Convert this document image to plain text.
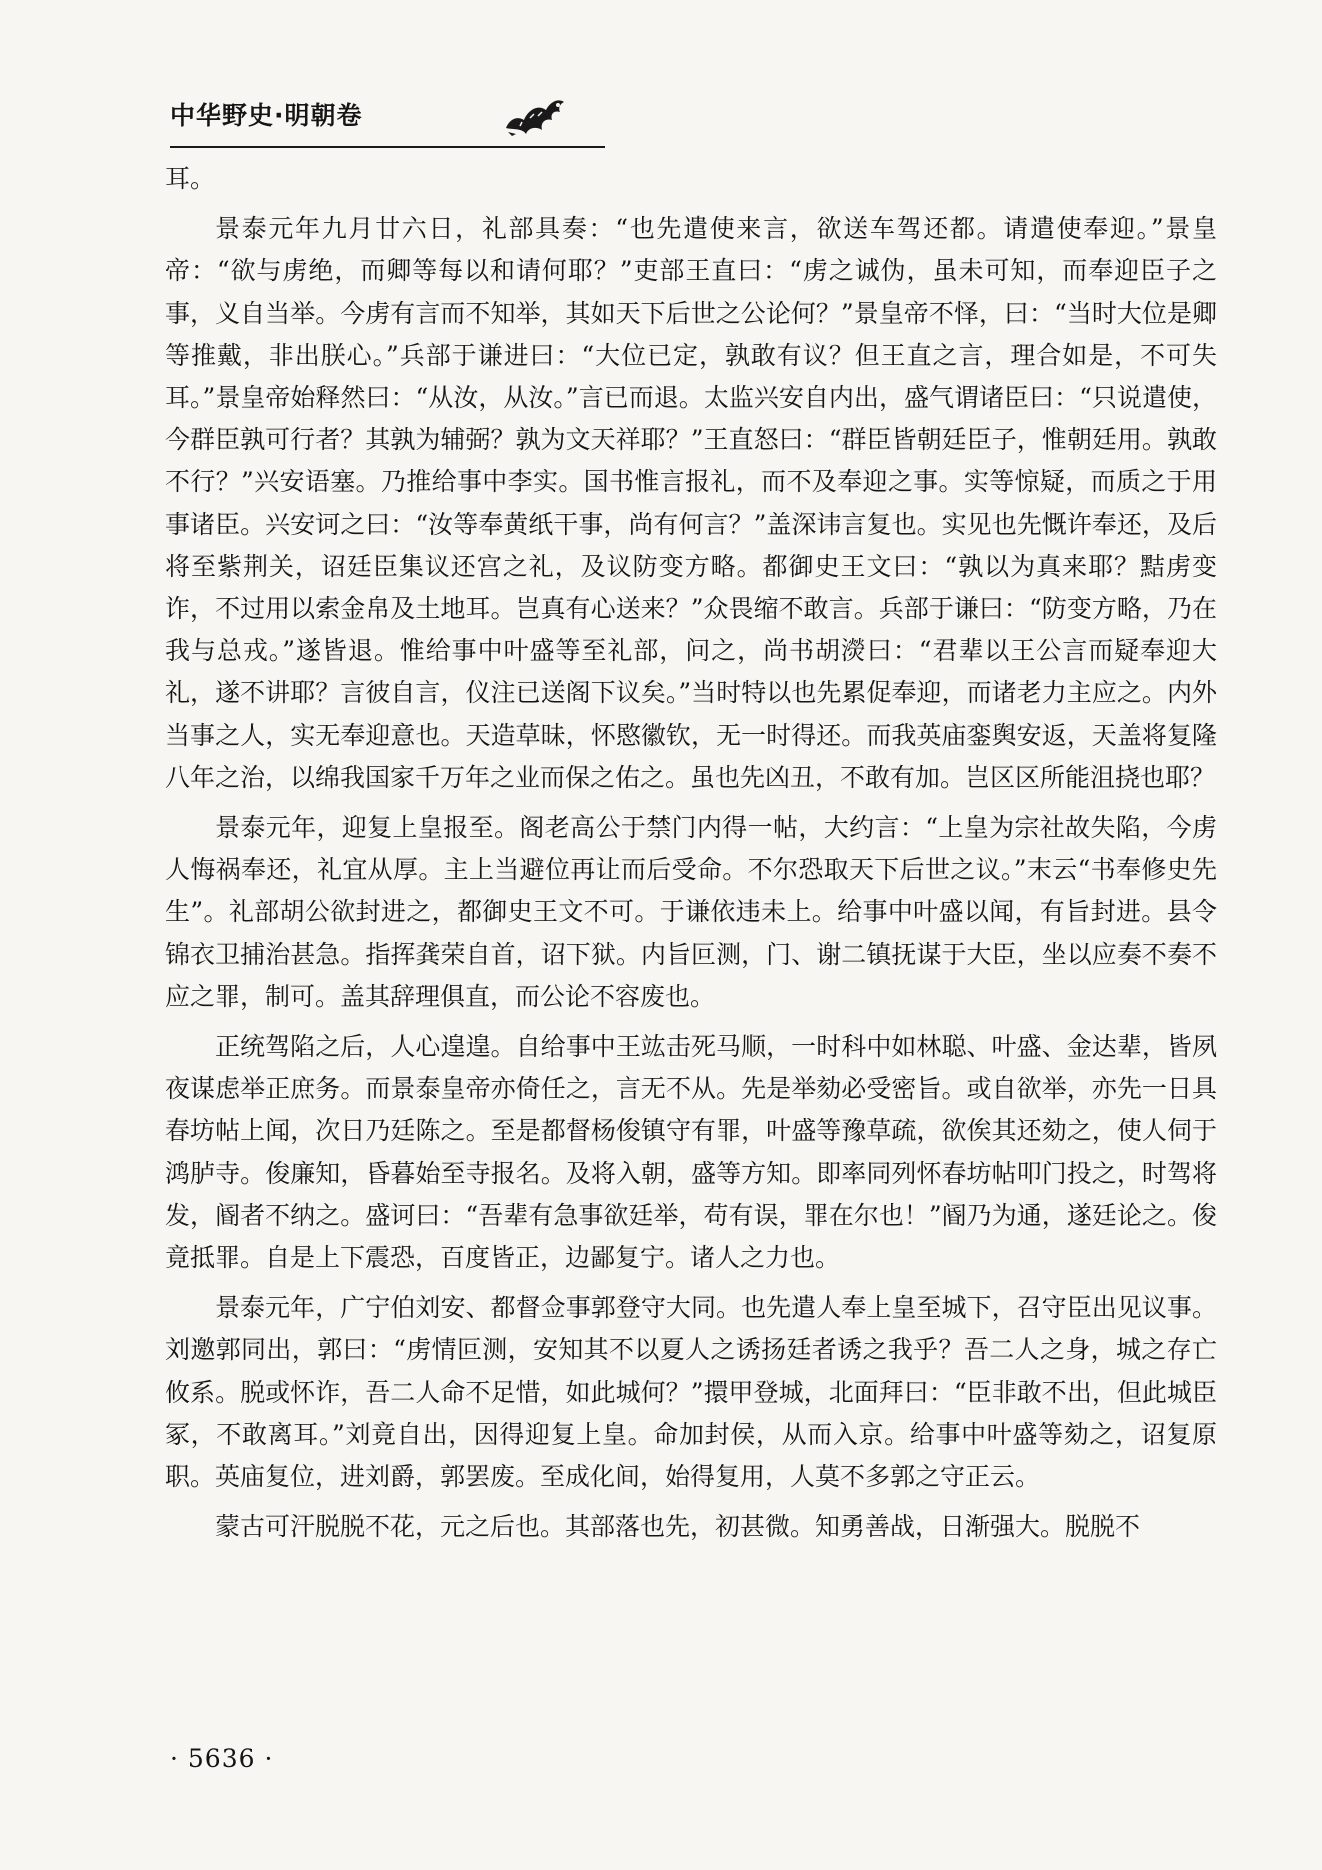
中华野史·明朝卷

耳。

景泰元年九月廿六日，礼部具奏：“也先遣使来言，欲送车驾还都。请遣使奉迎。”景皇帝：“欲与虏绝，而卿等每以和请何耶？”吏部王直曰：“虏之诚伪，虽未可知，而奉迎臣子之事，义自当举。今虏有言而不知举，其如天下后世之公论何？”景皇帝不怿，曰：“当时大位是卿等推戴，非出朕心。”兵部于谦进曰：“大位已定，孰敢有议？但王直之言，理合如是，不可失耳。”景皇帝始释然曰：“从汝，从汝。”言已而退。太监兴安自内出，盛气谓诸臣曰：“只说遣使，今群臣孰可行者？其孰为辅弼？孰为文天祥耶？”王直怒曰：“群臣皆朝廷臣子，惟朝廷用。孰敢不行？”兴安语塞。乃推给事中李实。国书惟言报礼，而不及奉迎之事。实等惊疑，而质之于用事诸臣。兴安诃之曰：“汝等奉黄纸干事，尚有何言？”盖深讳言复也。实见也先慨许奉还，及后将至紫荆关，诏廷臣集议还宫之礼，及议防变方略。都御史王文曰：“孰以为真来耶？黠虏变诈，不过用以索金帛及土地耳。岂真有心送来？”众畏缩不敢言。兵部于谦曰：“防变方略，乃在我与总戎。”遂皆退。惟给事中叶盛等至礼部，问之，尚书胡濙曰：“君辈以王公言而疑奉迎大礼，遂不讲耶？言彼自言，仪注已送阁下议矣。”当时特以也先累促奉迎，而诸老力主应之。内外当事之人，实无奉迎意也。天造草昧，怀愍徽钦，无一时得还。而我英庙銮舆安返，天盖将复隆八年之治，以绵我国家千万年之业而保之佑之。虽也先凶丑，不敢有加。岂区区所能沮挠也耶？

景泰元年，迎复上皇报至。阁老高公于禁门内得一帖，大约言：“上皇为宗社故失陷，今虏人悔祸奉还，礼宜从厚。主上当避位再让而后受命。不尔恐取天下后世之议。”末云“书奉修史先生”。礼部胡公欲封进之，都御史王文不可。于谦依违未上。给事中叶盛以闻，有旨封进。县令锦衣卫捕治甚急。指挥龚荣自首，诏下狱。内旨叵测，门、谢二镇抚谋于大臣，坐以应奏不奏不应之罪，制可。盖其辞理俱直，而公论不容废也。

正统驾陷之后，人心遑遑。自给事中王竑击死马顺，一时科中如林聪、叶盛、金达辈，皆夙夜谋虑举正庶务。而景泰皇帝亦倚任之，言无不从。先是举劾必受密旨。或自欲举，亦先一日具春坊帖上闻，次日乃廷陈之。至是都督杨俊镇守有罪，叶盛等豫草疏，欲俟其还劾之，使人伺于鸿胪寺。俊廉知，昏暮始至寺报名。及将入朝，盛等方知。即率同列怀春坊帖叩门投之，时驾将发，阍者不纳之。盛诃曰：“吾辈有急事欲廷举，苟有误，罪在尔也！”阍乃为通，遂廷论之。俊竟抵罪。自是上下震恐，百度皆正，边鄙复宁。诸人之力也。

景泰元年，广宁伯刘安、都督佥事郭登守大同。也先遣人奉上皇至城下，召守臣出见议事。刘邀郭同出，郭曰：“虏情叵测，安知其不以夏人之诱扬廷者诱之我乎？吾二人之身，城之存亡攸系。脱或怀诈，吾二人命不足惜，如此城何？”擐甲登城，北面拜曰：“臣非敢不出，但此城臣冢，不敢离耳。”刘竟自出，因得迎复上皇。命加封侯，从而入京。给事中叶盛等劾之，诏复原职。英庙复位，进刘爵，郭罢废。至成化间，始得复用，人莫不多郭之守正云。

蒙古可汗脱脱不花，元之后也。其部落也先，初甚微。知勇善战，日渐强大。脱脱不

· 5636 ·
